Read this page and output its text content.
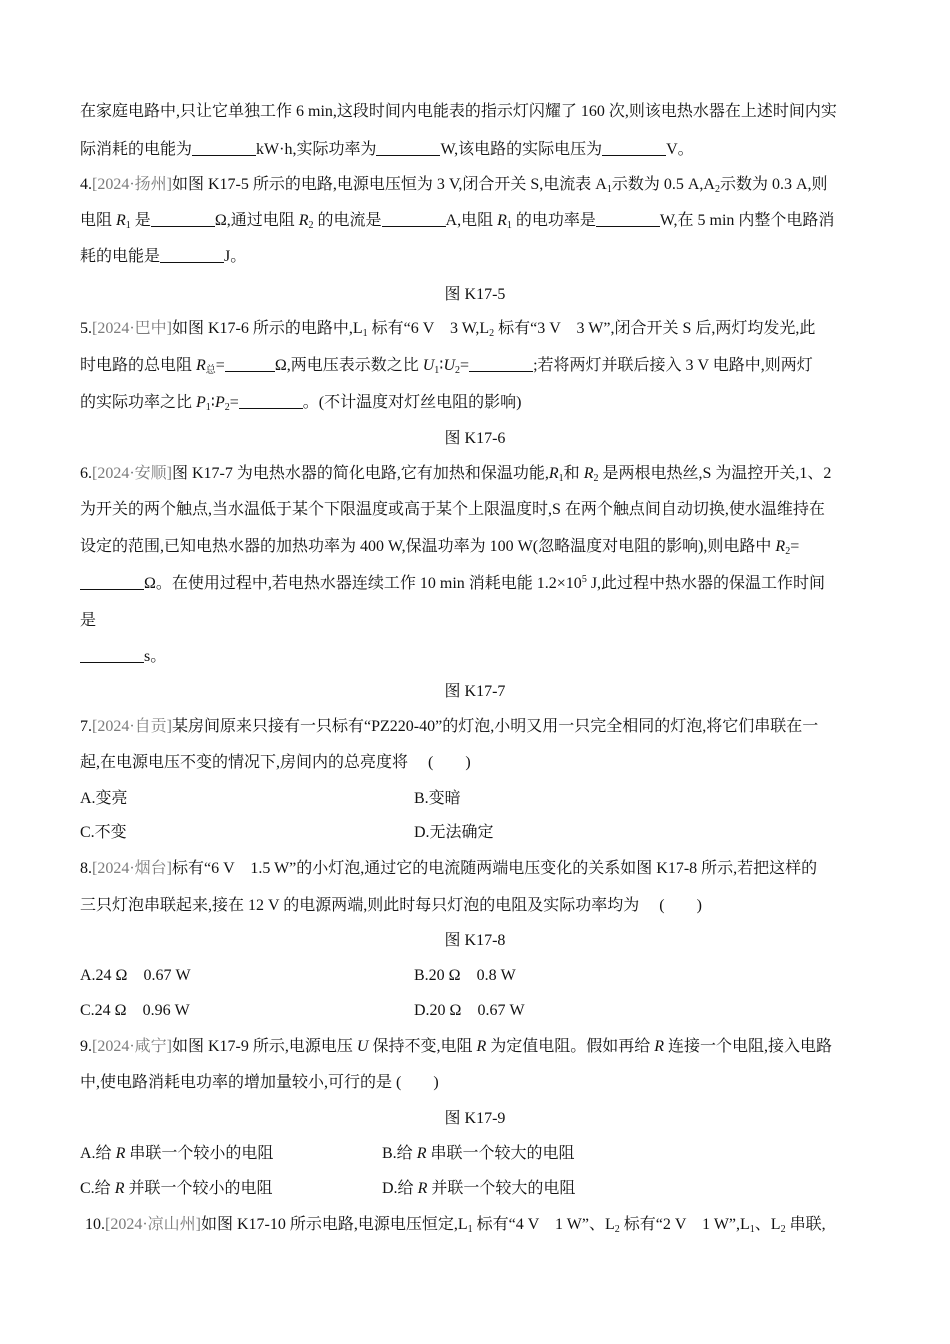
在家庭电路中,只让它单独工作 6 min,这段时间内电能表的指示灯闪耀了 160 次,则该电热水器在上述时间内实
际消耗的电能为	kW·h,实际功率为	W,该电路的实际电压为	V。
4.[2024·扬州]如图 K17-5 所示的电路,电源电压恒为 3 V,闭合开关 S,电流表 $A_1$示数为 0.5 $A,A_2$示数为 0.3 A,则
电阻 $R_1$ 是	Ω,通过电阻 $R_2$ 的电流是	A,电阻 $R_1$ 的电功率是	W,在 5 min 内整个电路消
耗的电能是	J。
图 K17-5
5.[2024·巴中]如图 K17-6 所示的电路中$,L_1$ 标有“6 V　3 $W,L_2$ 标有“3 V　3 W”,闭合开关 S 后,两灯均发光,此
时电路的总电阻 $R_总=$	Ω,两电压表示数之比 $U_1∶U_2=$	;若将两灯并联后接入 3 V 电路中,则两灯
的实际功率之比 $P_1∶P_2=$	。(不计温度对灯丝电阻的影响)
图 K17-6
6.[2024·安顺]图 K17-7 为电热水器的简化电路,它有加热和保温功能$,R_1$和 $R_2$ 是两根电热丝,S 为温控开关,1、2
为开关的两个触点,当水温低于某个下限温度或高于某个上限温度时,S 在两个触点间自动切换,使水温维持在
设定的范围,已知电热水器的加热功率为 400 W,保温功率为 100 W(忽略温度对电阻的影响),则电路中 $R_2=$
Ω。在使用过程中,若电热水器连续工作 10 min 消耗电能 $1.2\times 10^5$ J,此过程中热水器的保温工作时间
是
s。
图 K17-7
7.[2024·自贡]某房间原来只接有一只标有“PZ220-40”的灯泡,小明又用一只完全相同的灯泡,将它们串联在一
起,在电源电压不变的情况下,房间内的总亮度将　 (　　)
A.变亮	B.变暗
C.不变	D.无法确定
8.[2024·烟台]标有“6 V　1.5 W”的小灯泡,通过它的电流随两端电压变化的关系如图 K17-8 所示,若把这样的
三只灯泡串联起来,接在 12 V 的电源两端,则此时每只灯泡的电阻及实际功率均为　 (　　)
图 K17-8
A.24 Ω　0.67 W	B.20 Ω　0.8 W
C.24 Ω　0.96 W	D.20 Ω　0.67 W
9.[2024·咸宁]如图 K17-9 所示,电源电压 U 保持不变,电阻 R 为定值电阻。假如再给 R 连接一个电阻,接入电路
中,使电路消耗电功率的增加量较小,可行的是 (　　)
图 K17-9
A.给 R 串联一个较小的电阻	B.给 R 串联一个较大的电阻
C.给 R 并联一个较小的电阻	D.给 R 并联一个较大的电阻
10.[2024·凉山州]如图 K17-10 所示电路,电源电压恒定$,L_1$ 标有“4 V　1 W”、$L_2$ 标有“2 V　1 $W”,L_1$、$L_2$ 串联,
